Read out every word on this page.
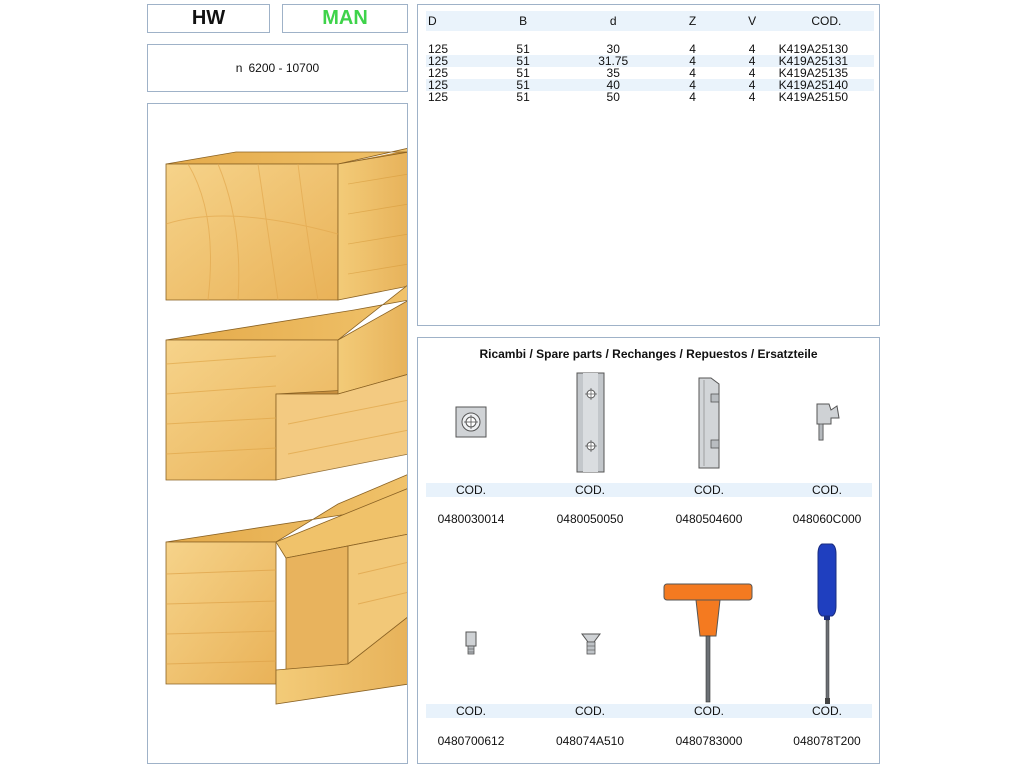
HW	MAN
n 6200 - 10700
D	B	d	Z	V	COD.

125	51	30	4	4	K419A25130
125	51	31.75	4	4	K419A25131
125	51	35	4	4	K419A25135
125	51	40	4	4	K419A25140
125	51	50	4	4	K419A25150
Ricambi / Spare parts / Rechanges / Repuestos / Ersatzteile
COD.	COD.	COD.	COD.
0480030014	0480050050	0480504600	048060C000
COD.	COD.	COD.	COD.
0480700612	048074A510	0480783000	048078T200
